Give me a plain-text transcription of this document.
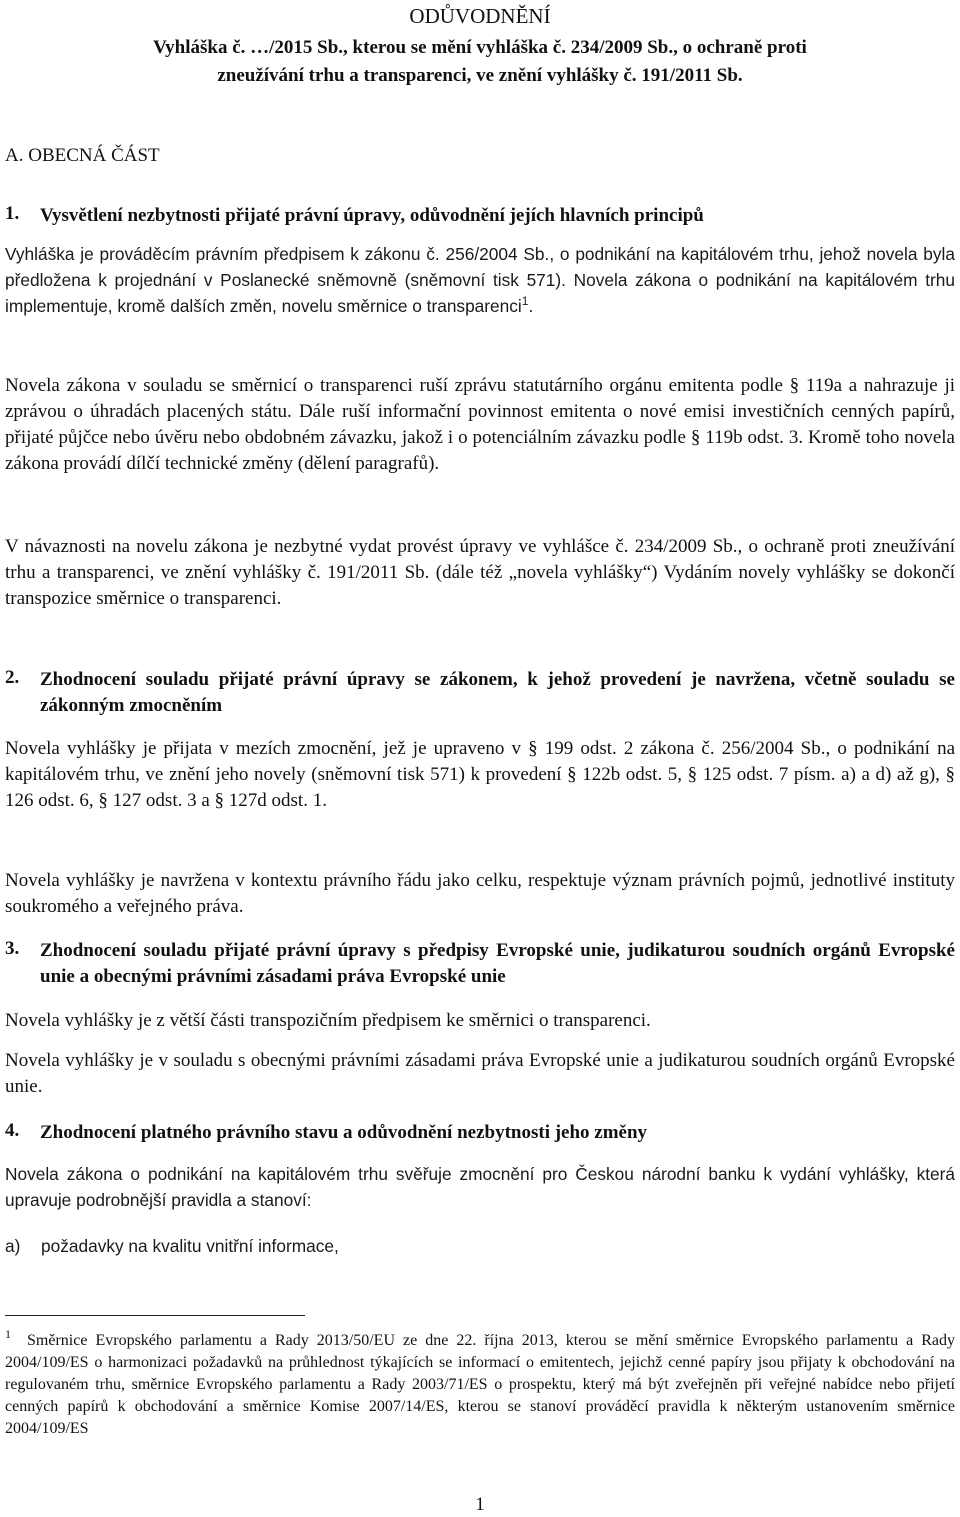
ODŮVODNĚNÍ
Vyhláška č. …/2015 Sb., kterou se mění vyhláška č. 234/2009 Sb., o ochraně proti
zneužívání trhu a transparenci, ve znění vyhlášky č. 191/2011 Sb.
A. OBECNÁ ČÁST
1. Vysvětlení nezbytnosti přijaté právní úpravy, odůvodnění jejích hlavních principů

Vyhláška je prováděcím právním předpisem k zákonu č. 256/2004 Sb., o podnikání na kapitálovém trhu, jehož novela byla předložena k projednání v Poslanecké sněmovně (sněmovní tisk 571). Novela zákona o podnikání na kapitálovém trhu implementuje, kromě dalších změn, novelu směrnice o transparenci$^1$.

Novela zákona v souladu se směrnicí o transparenci ruší zprávu statutárního orgánu emitenta podle § 119a a nahrazuje ji zprávou o úhradách placených státu. Dále ruší informační povinnost emitenta o nové emisi investičních cenných papírů, přijaté půjčce nebo úvěru nebo obdobném závazku, jakož i o potenciálním závazku podle § 119b odst. 3. Kromě toho novela zákona provádí dílčí technické změny (dělení paragrafů).

V návaznosti na novelu zákona je nezbytné vydat provést úpravy ve vyhlášce č. 234/2009 Sb., o ochraně proti zneužívání trhu a transparenci, ve znění vyhlášky č. 191/2011 Sb. (dále též „novela vyhlášky“) Vydáním novely vyhlášky se dokončí transpozice směrnice o transparenci.

2. Zhodnocení souladu přijaté právní úpravy se zákonem, k jehož provedení je navržena, včetně souladu se zákonným zmocněním

Novela vyhlášky je přijata v mezích zmocnění, jež je upraveno v § 199 odst. 2 zákona č. 256/2004 Sb., o podnikání na kapitálovém trhu, ve znění jeho novely (sněmovní tisk 571) k provedení § 122b odst. 5, § 125 odst. 7 písm. a) a d) až g), § 126 odst. 6, § 127 odst. 3 a § 127d odst. 1.

Novela vyhlášky je navržena v kontextu právního řádu jako celku, respektuje význam právních pojmů, jednotlivé instituty soukromého a veřejného práva.

3. Zhodnocení souladu přijaté právní úpravy s předpisy Evropské unie, judikaturou soudních orgánů Evropské unie a obecnými právními zásadami práva Evropské unie

Novela vyhlášky je z větší části transpozičním předpisem ke směrnici o transparenci.

Novela vyhlášky je v souladu s obecnými právními zásadami práva Evropské unie a judikaturou soudních orgánů Evropské unie.

4. Zhodnocení platného právního stavu a odůvodnění nezbytnosti jeho změny

Novela zákona o podnikání na kapitálovém trhu svěřuje zmocnění pro Českou národní banku k vydání vyhlášky, která upravuje podrobnější pravidla a stanoví:

a)	požadavky na kvalitu vnitřní informace,
$^1$ Směrnice Evropského parlamentu a Rady 2013/50/EU ze dne 22. října 2013, kterou se mění směrnice Evropského parlamentu a Rady 2004/109/ES o harmonizaci požadavků na průhlednost týkajících se informací o emitentech, jejichž cenné papíry jsou přijaty k obchodování na regulovaném trhu, směrnice Evropského parlamentu a Rady 2003/71/ES o prospektu, který má být zveřejněn při veřejné nabídce nebo přijetí cenných papírů k obchodování a směrnice Komise 2007/14/ES, kterou se stanoví prováděcí pravidla k některým ustanovením směrnice 2004/109/ES
1
